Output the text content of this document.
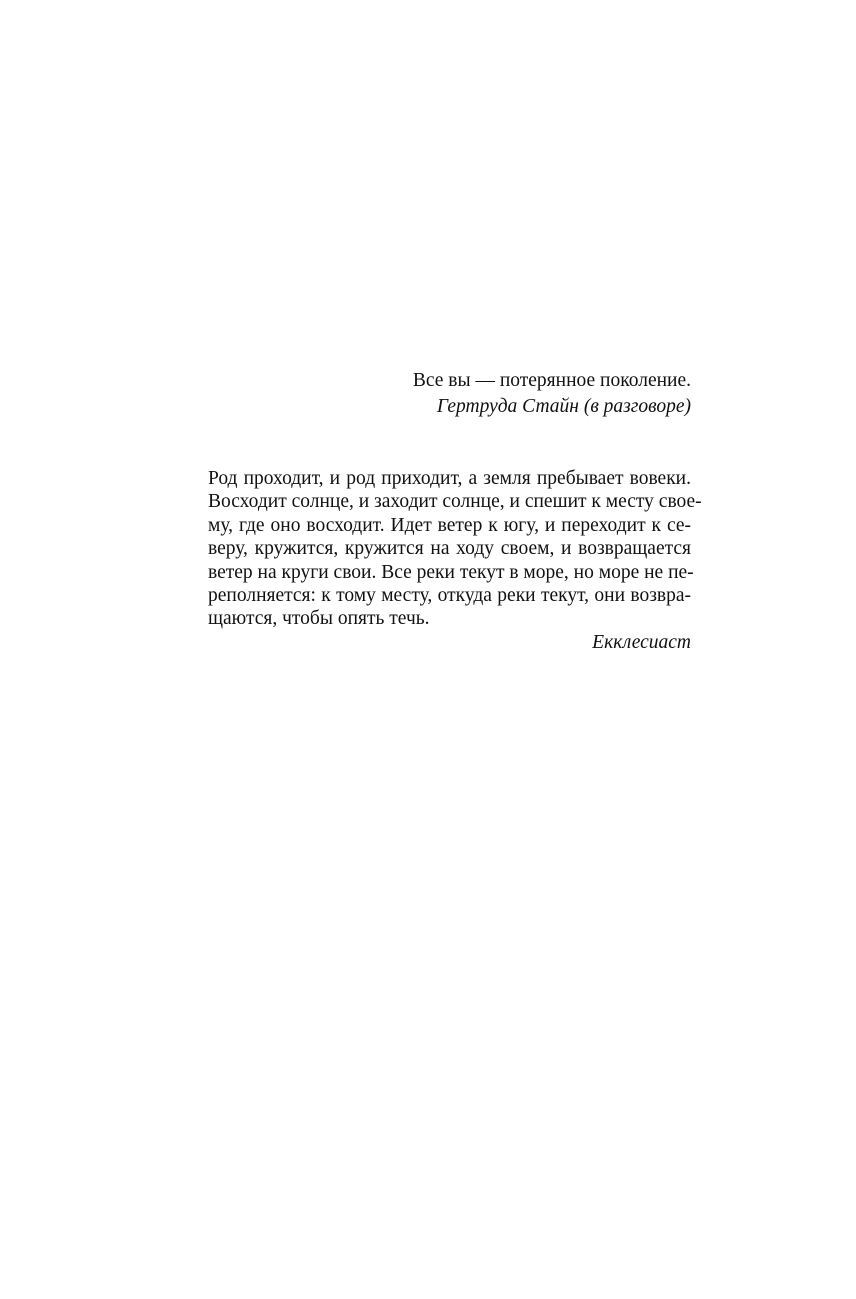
Все вы — потерянное поколение.

Гертруда Стайн (в разговоре)

Род проходит, и род приходит, а земля пребывает вовеки.
Восходит солнце, и заходит солнце, и спешит к месту свое-
му, где оно восходит. Идет ветер к югу, и переходит к се-
веру, кружится, кружится на ходу своем, и возвращается
ветер на круги свои. Все реки текут в море, но море не пе-
реполняется: к тому месту, откуда реки текут, они возвра-
щаются, чтобы опять течь.
Екклесиаст
